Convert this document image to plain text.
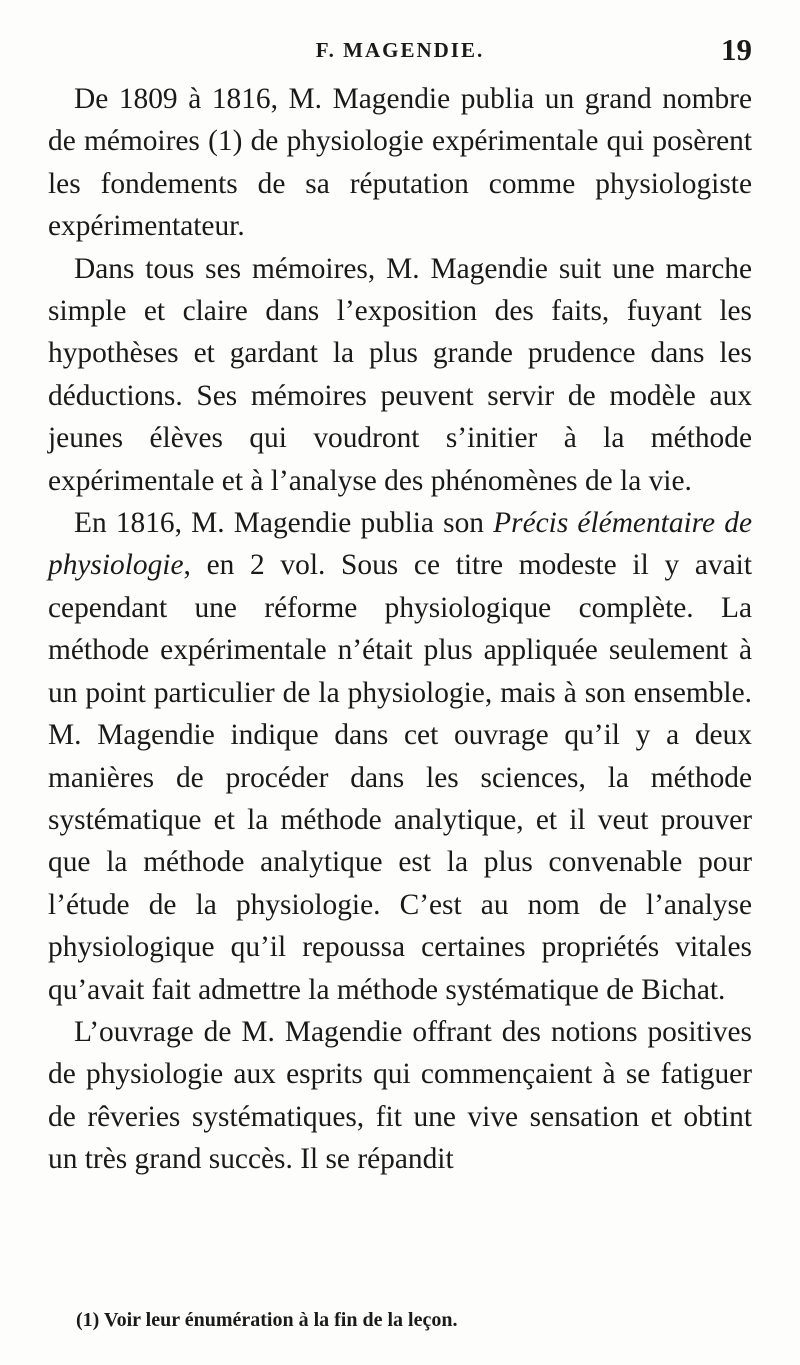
F. MAGENDIE.	19

De 1809 à 1816, M. Magendie publia un grand nombre de mémoires (1) de physiologie expérimentale qui posèrent les fondements de sa réputation comme physiologiste expérimentateur.

Dans tous ses mémoires, M. Magendie suit une marche simple et claire dans l’exposition des faits, fuyant les hypothèses et gardant la plus grande prudence dans les déductions. Ses mémoires peuvent servir de modèle aux jeunes élèves qui voudront s’initier à la méthode expérimentale et à l’analyse des phénomènes de la vie.

En 1816, M. Magendie publia son Précis élémentaire de physiologie, en 2 vol. Sous ce titre modeste il y avait cependant une réforme physiologique complète. La méthode expérimentale n’était plus appliquée seulement à un point particulier de la physiologie, mais à son ensemble. M. Magendie indique dans cet ouvrage qu’il y a deux manières de procéder dans les sciences, la méthode systématique et la méthode analytique, et il veut prouver que la méthode analytique est la plus convenable pour l’étude de la physiologie. C’est au nom de l’analyse physiologique qu’il repoussa certaines propriétés vitales qu’avait fait admettre la méthode systématique de Bichat.

L’ouvrage de M. Magendie offrant des notions positives de physiologie aux esprits qui commençaient à se fatiguer de rêveries systématiques, fit une vive sensation et obtint un très grand succès. Il se répandit

(1) Voir leur énumération à la fin de la leçon.
